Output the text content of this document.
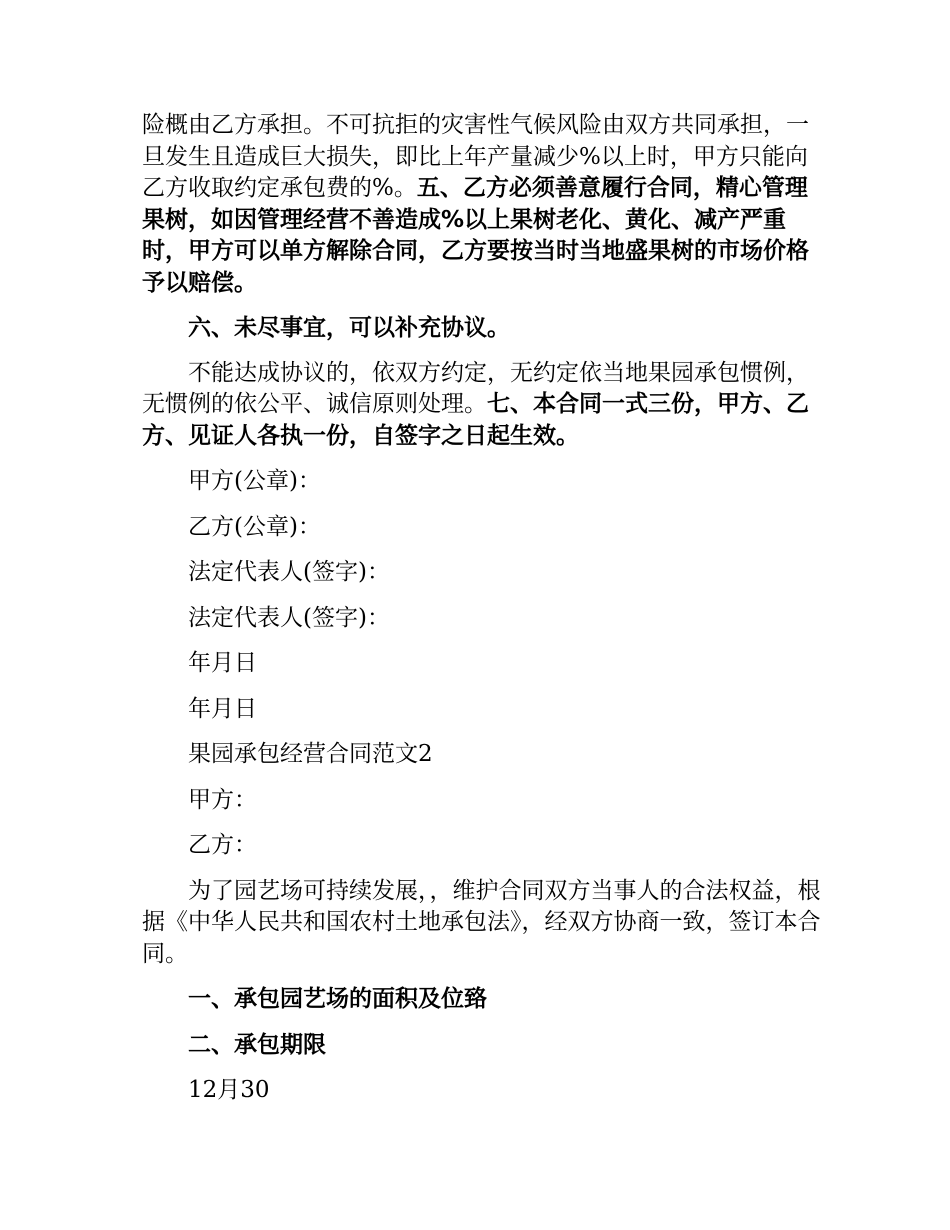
险概由乙方承担。不可抗拒的灾害性气候风险由双方共同承担，一旦发生且造成巨大损失，即比上年产量减少%以上时，甲方只能向乙方收取约定承包费的%。五、乙方必须善意履行合同，精心管理果树，如因管理经营不善造成%以上果树老化、黄化、减产严重时，甲方可以单方解除合同，乙方要按当时当地盛果树的市场价格予以赔偿。

六、未尽事宜，可以补充协议。

不能达成协议的，依双方约定，无约定依当地果园承包惯例，无惯例的依公平、诚信原则处理。七、本合同一式三份，甲方、乙方、见证人各执一份，自签字之日起生效。

甲方(公章)：

乙方(公章)：

法定代表人(签字)：

法定代表人(签字)：

年月日

年月日

果园承包经营合同范文2

甲方：

乙方：

为了园艺场可持续发展，，维护合同双方当事人的合法权益，根据《中华人民共和国农村土地承包法》，经双方协商一致，签订本合同。

一、承包园艺场的面积及位臵

二、承包期限

12月30
